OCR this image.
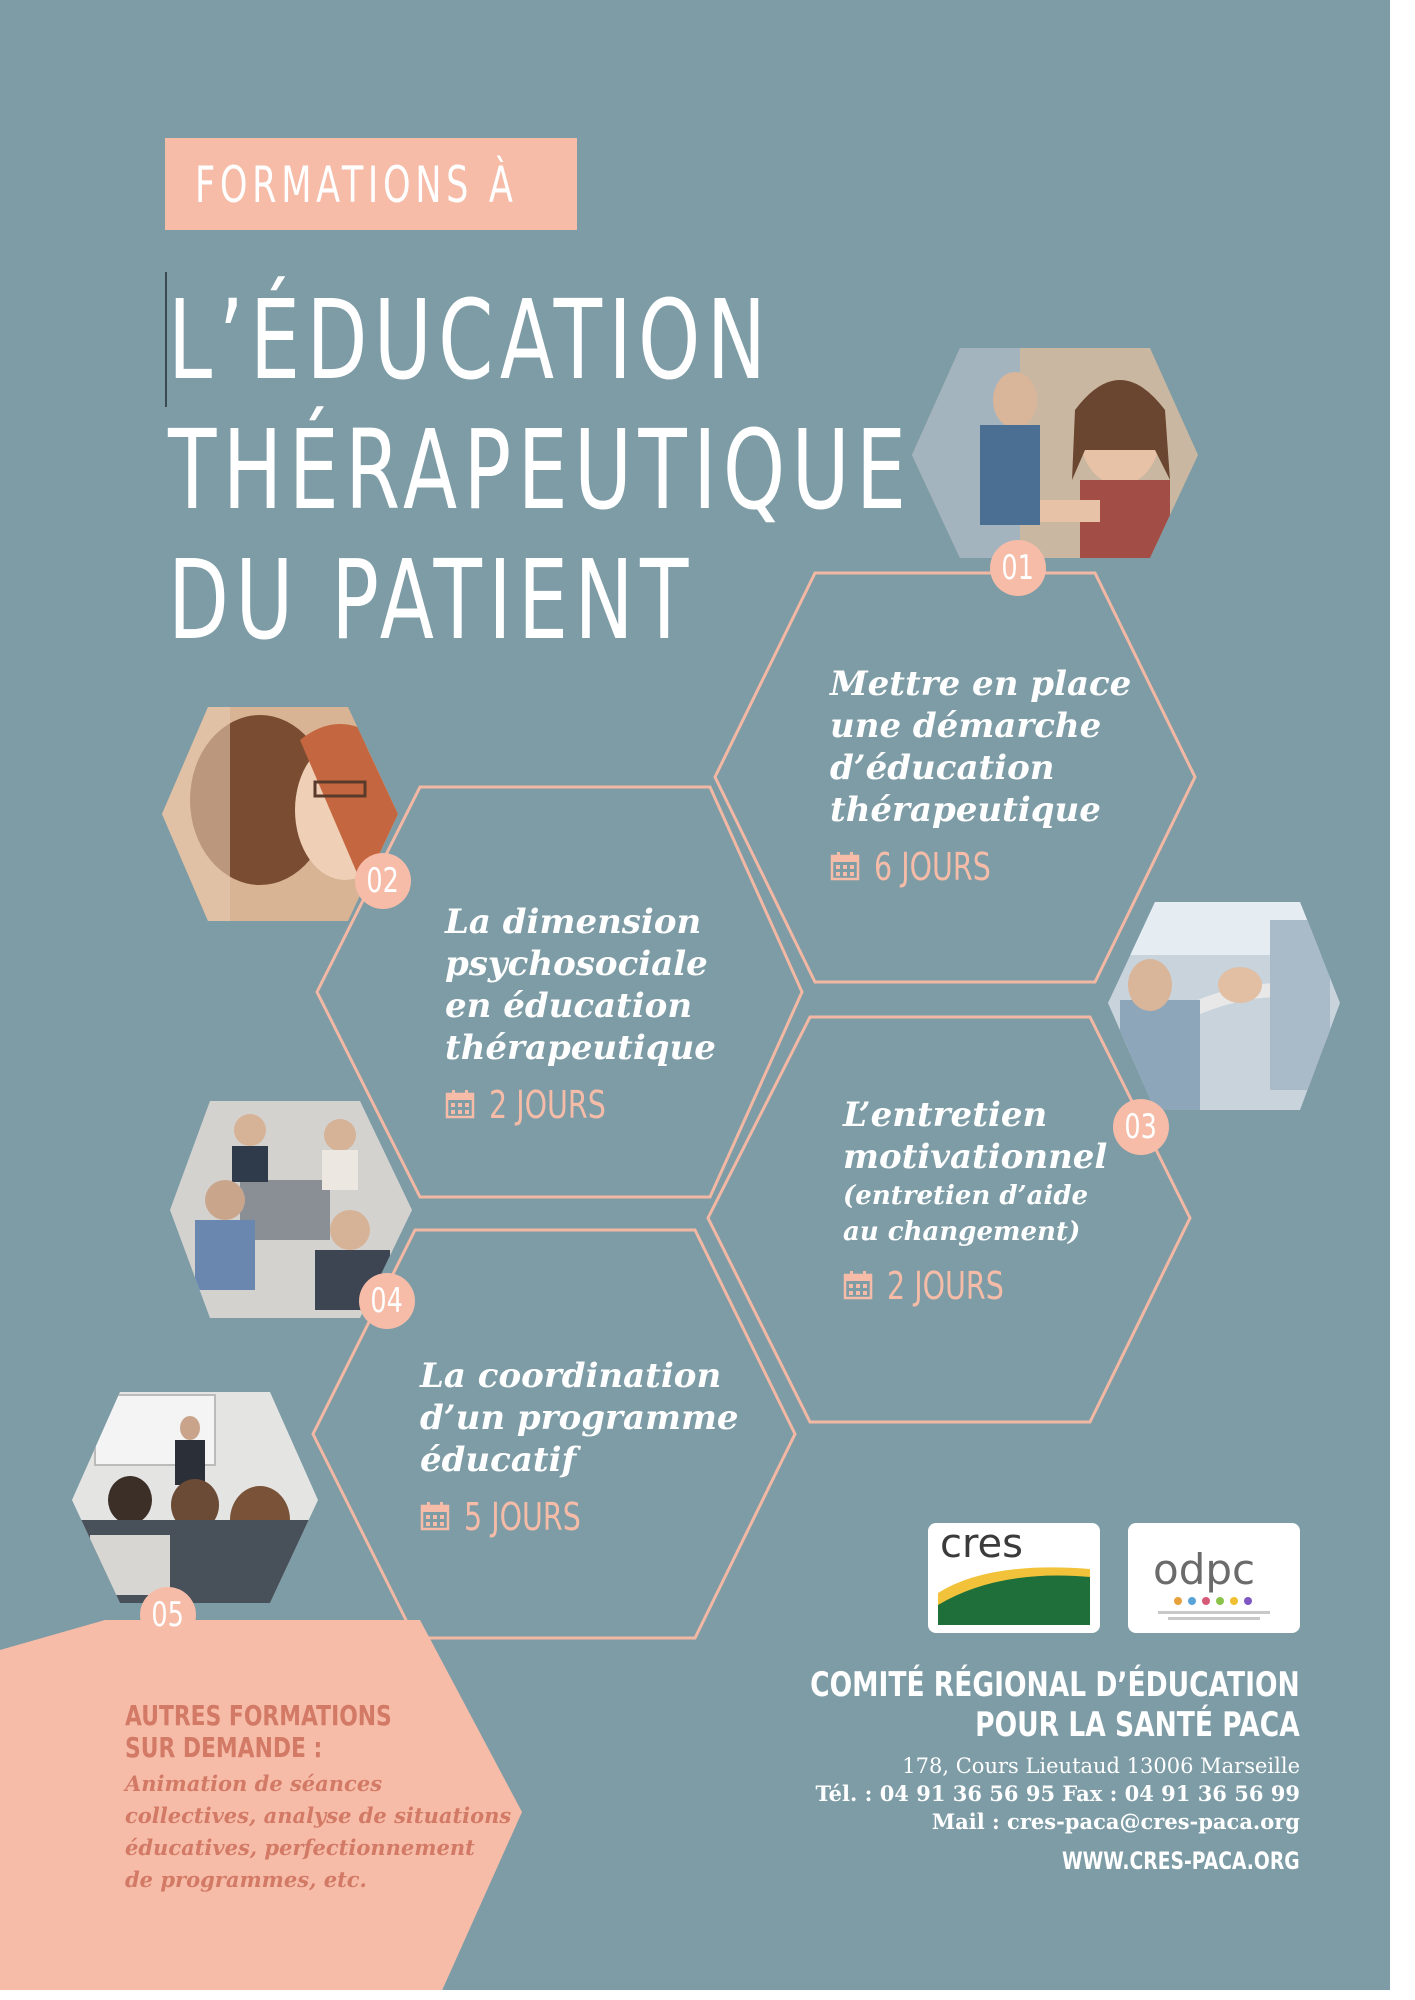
FORMATIONS À
L’ÉDUCATION
THÉRAPEUTIQUE
DU PATIENT	01
02
03
04
05
Mettre en place
une démarche
d’éducation
thérapeutique
6 JOURS
La dimension
psychosociale
en éducation
thérapeutique
2 JOURS	L’entretien
motivationnel
(entretien d’aide
au changement)
2 JOURS
La coordination
d’un programme
éducatif
5 JOURS
AUTRES FORMATIONS
SUR DEMANDE :
Animation de séances
collectives, analyse de situations
éducatives, perfectionnement
de programmes, etc.
cres
odpc
COMITÉ RÉGIONAL D’ÉDUCATION
POUR LA SANTÉ PACA
178, Cours Lieutaud 13006 Marseille
Tél. : 04 91 36 56 95 Fax : 04 91 36 56 99
Mail : cres-paca@cres-paca.org
WWW.CRES-PACA.ORG
